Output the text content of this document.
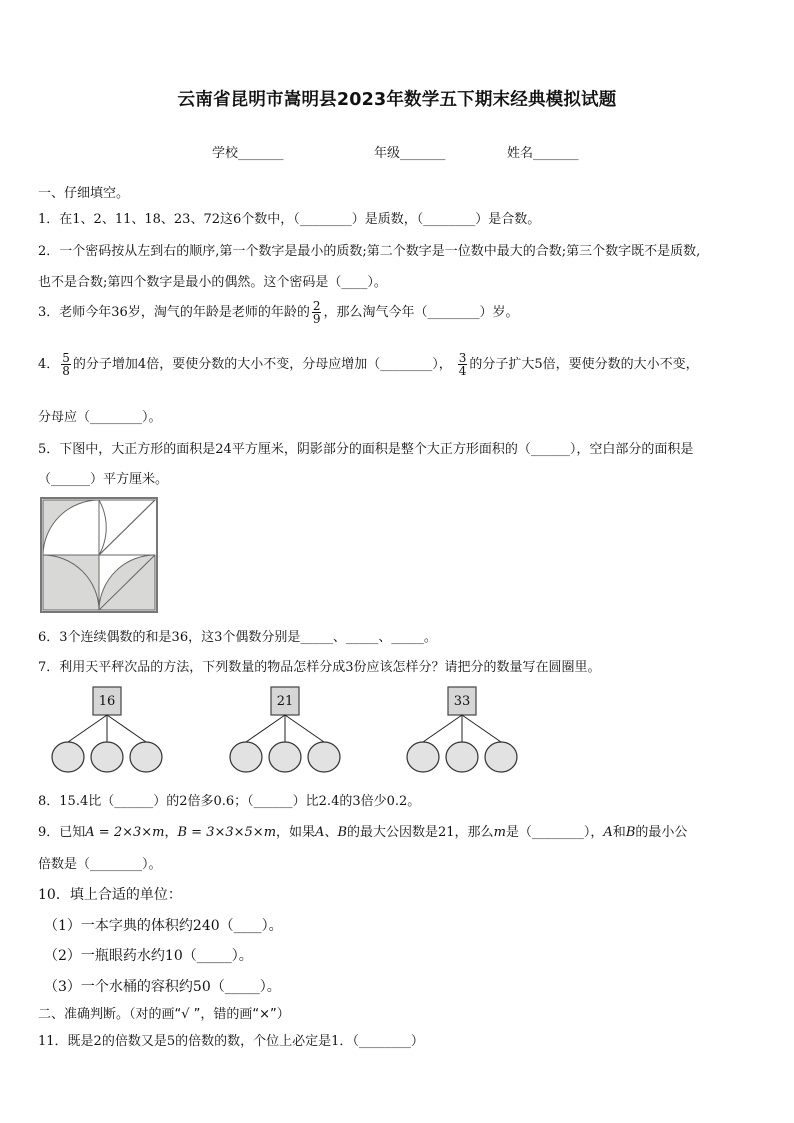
云南省昆明市嵩明县2023年数学五下期末经典模拟试题
学校_______	年级_______	姓名_______
一、仔细填空。
1．在1、2、11、18、23、72这6个数中，（________）是质数，（________）是合数。
2．一个密码按从左到右的顺序,第一个数字是最小的质数;第二个数字是一位数中最大的合数;第三个数字既不是质数,
也不是合数;第四个数字是最小的偶然。这个密码是（____）。
3．老师今年36岁，淘气的年龄是老师的年龄的 $\frac{2}{9}$ ，那么淘气今年（________）岁。
4． $\frac{5}{8}$ 的分子增加4倍，要使分数的大小不变，分母应增加（________）， $\frac{3}{4}$ 的分子扩大5倍，要使分数的大小不变，
分母应（________）。
5．下图中，大正方形的面积是24平方厘米，阴影部分的面积是整个大正方形面积的（______），空白部分的面积是
（______）平方厘米。
6．3个连续偶数的和是36，这3个偶数分别是_____、_____、_____。
7．利用天平秤次品的方法，下列数量的物品怎样分成3份应该怎样分？请把分的数量写在圆圈里。
16	21	33
8．15.4比（______）的2倍多0.6；（______）比2.4的3倍少0.2。
9．已知A = 2×3×m，B = 3×3×5×m，如果A、B的最大公因数是21，那么m是（________），A和B的最小公
倍数是（________）。
10．填上合适的单位：
（1）一本字典的体积约240（____）。
（2）一瓶眼药水约10（_____）。
（3）一个水桶的容积约50（_____）。
二、准确判断。（对的画“√ ”，错的画“×”）
11．既是2的倍数又是5的倍数的数，个位上必定是1．（________）
